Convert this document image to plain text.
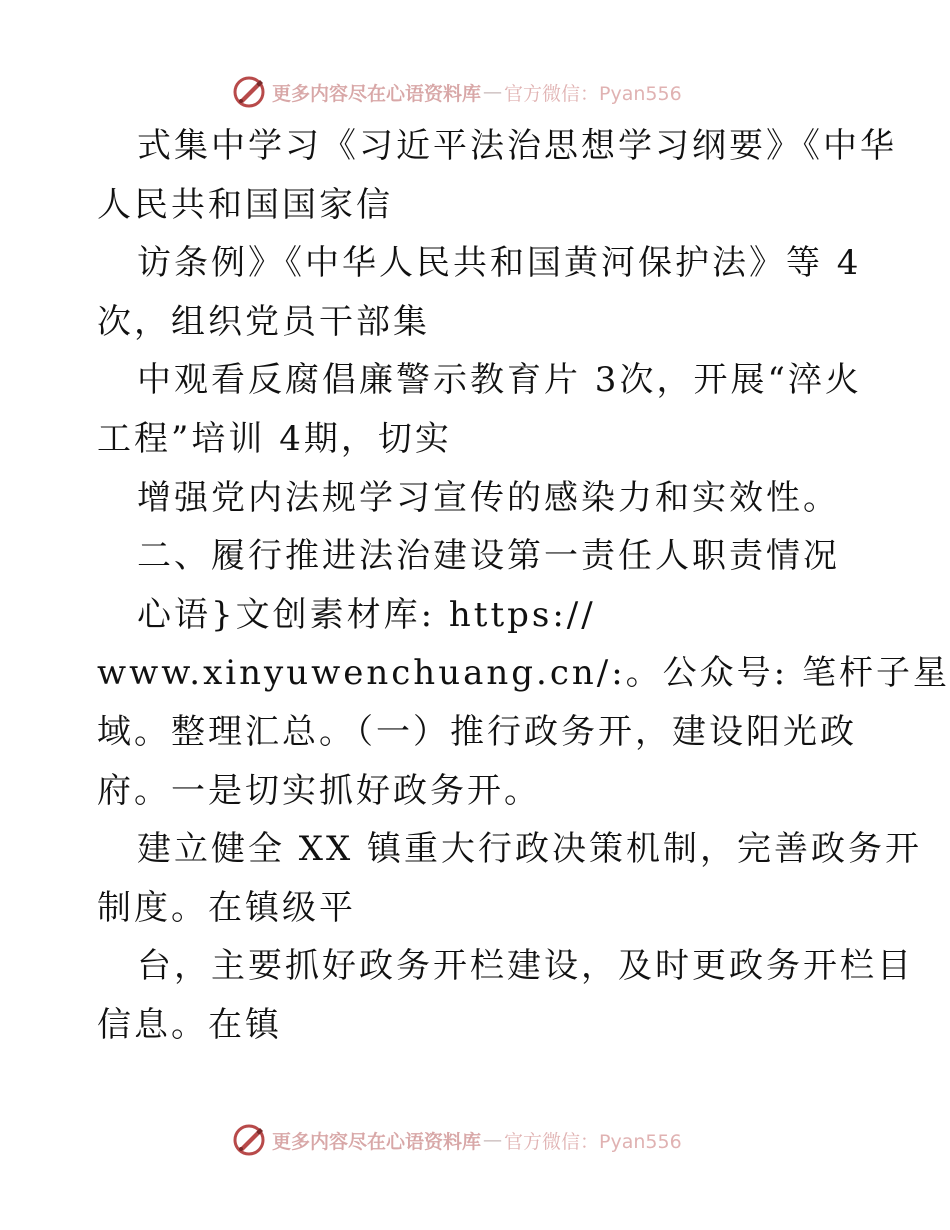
更多内容尽在心语资料库 — 官方微信：Pyan556
式集中学习《习近平法治思想学习纲要》《中华
人民共和国国家信
访条例》《中华人民共和国黄河保护法》等 4
次，组织党员干部集
中观看反腐倡廉警示教育片 3次，开展“淬火
工程”培训 4期，切实
增强党内法规学习宣传的感染力和实效性。
二、履行推进法治建设第一责任人职责情况
心语}文创素材库: https://
www.xinyuwenchuang.cn/:。公众号: 笔杆子星
域。整理汇总。（一）推行政务开，建设阳光政
府。一是切实抓好政务开。
建立健全 XX 镇重大行政决策机制，完善政务开
制度。在镇级平
台，主要抓好政务开栏建设，及时更政务开栏目
信息。在镇
更多内容尽在心语资料库 — 官方微信：Pyan556
